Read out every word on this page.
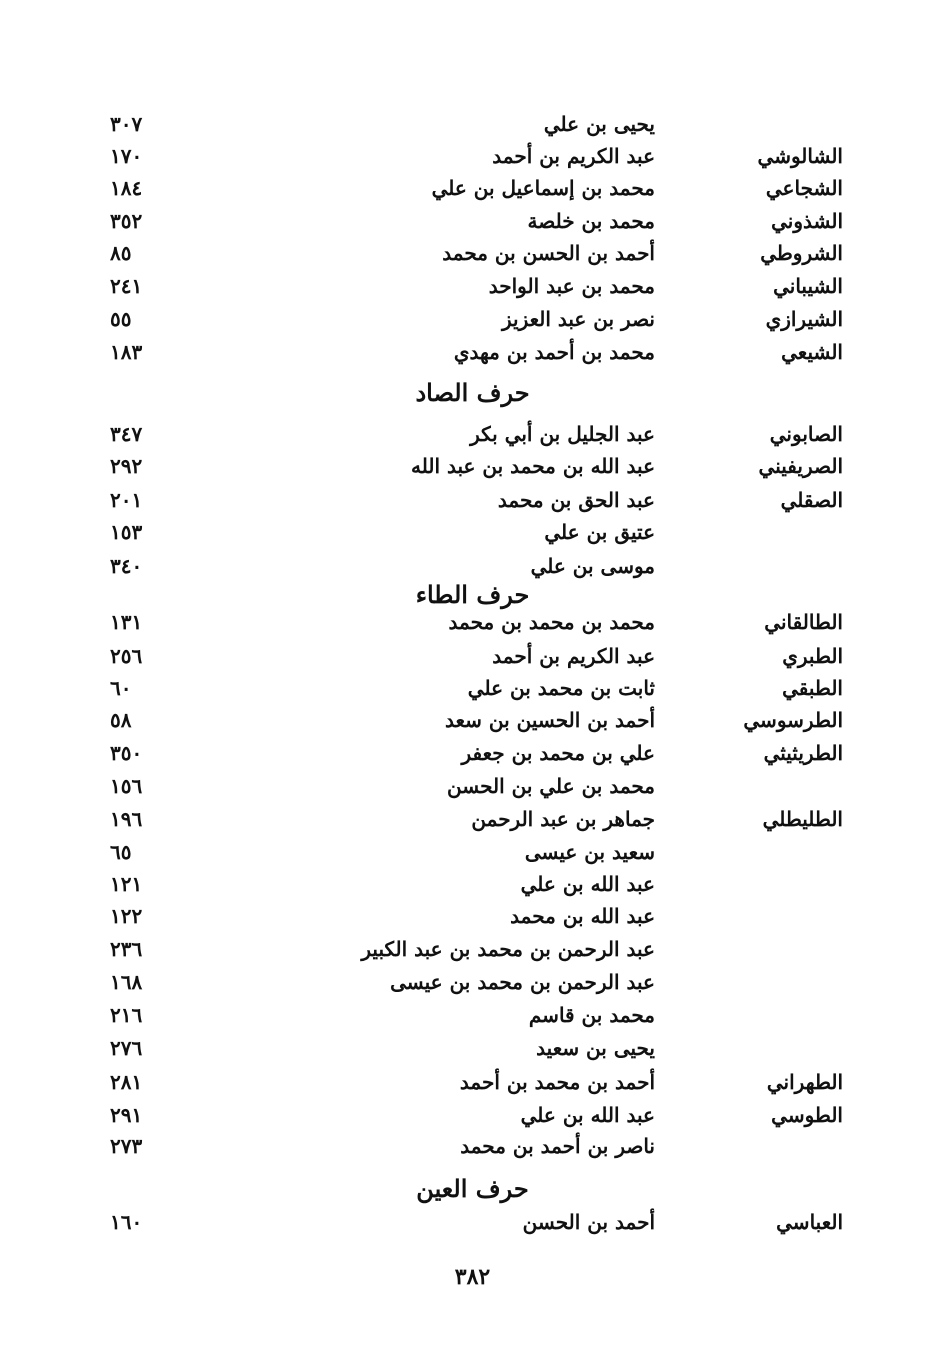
يحيى بن علي
٣٠٧
الشالوشي
عبد الكريم بن أحمد
١٧٠
الشجاعي
محمد بن إسماعيل بن علي
١٨٤
الشذوني
محمد بن خلصة
٣٥٢
الشروطي
أحمد بن الحسن بن محمد
٨٥
الشيباني
محمد بن عبد الواحد
٢٤١
الشيرازي
نصر بن عبد العزيز
٥٥
الشيعي
محمد بن أحمد بن مهدي
١٨٣
حرف الصاد
الصابوني
عبد الجليل بن أبي بكر
٣٤٧
الصريفيني
عبد الله بن محمد بن عبد الله
٢٩٢
الصقلي
عبد الحق بن محمد
٢٠١
عتيق بن علي
١٥٣
موسى بن علي
٣٤٠
حرف الطاء
الطالقاني
محمد بن محمد بن محمد
١٣١
الطبري
عبد الكريم بن أحمد
٢٥٦
الطبقي
ثابت بن محمد بن علي
٦٠
الطرسوسي
أحمد بن الحسين بن سعد
٥٨
الطريثيثي
علي بن محمد بن جعفر
٣٥٠
محمد بن علي بن الحسن
١٥٦
الطليطلي
جماهر بن عبد الرحمن
١٩٦
سعيد بن عيسى
٦٥
عبد الله بن علي
١٢١
عبد الله بن محمد
١٢٢
عبد الرحمن بن محمد بن عبد الكبير
٢٣٦
عبد الرحمن بن محمد بن عيسى
١٦٨
محمد بن قاسم
٢١٦
يحيى بن سعيد
٢٧٦
الطهراني
أحمد بن محمد بن أحمد
٢٨١
الطوسي
عبد الله بن علي
٢٩١
ناصر بن أحمد بن محمد
٢٧٣
حرف العين
العباسي
أحمد بن الحسن
١٦٠
٣٨٢
